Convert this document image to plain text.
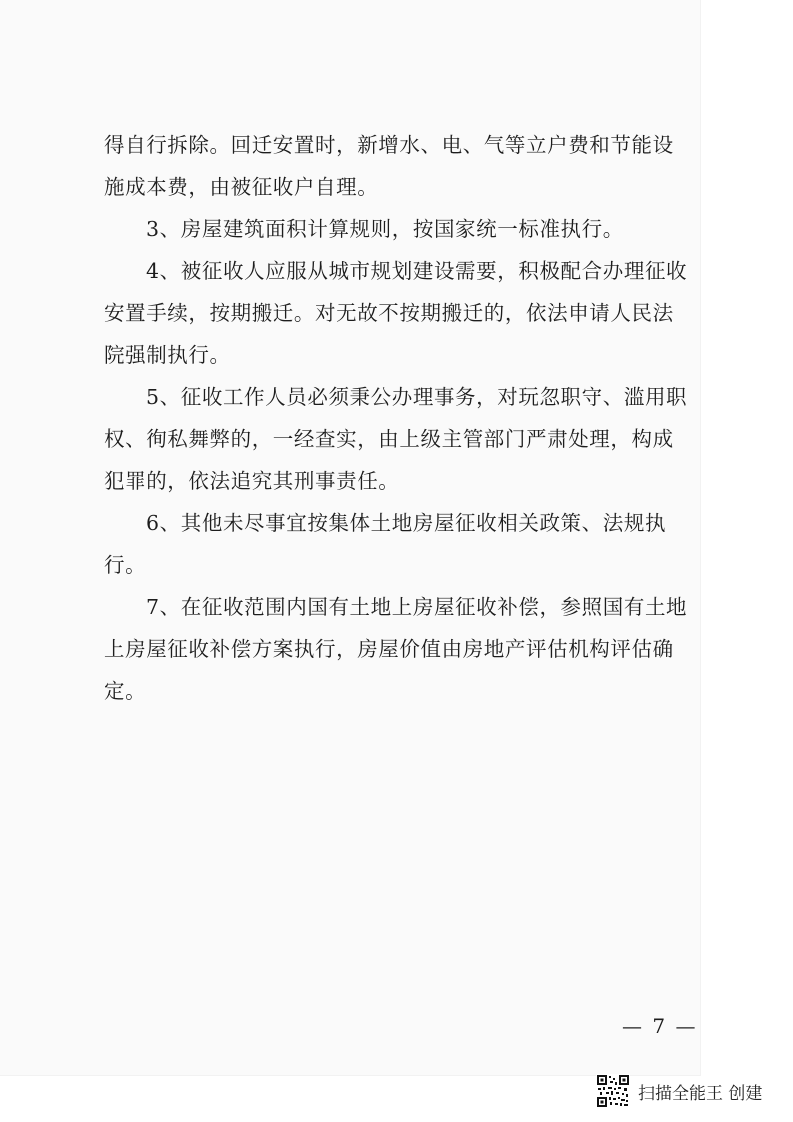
得自行拆除。回迁安置时，新增水、电、气等立户费和节能设施成本费，由被征收户自理。

3、房屋建筑面积计算规则，按国家统一标准执行。

4、被征收人应服从城市规划建设需要，积极配合办理征收安置手续，按期搬迁。对无故不按期搬迁的，依法申请人民法院强制执行。

5、征收工作人员必须秉公办理事务，对玩忽职守、滥用职权、徇私舞弊的，一经查实，由上级主管部门严肃处理，构成犯罪的，依法追究其刑事责任。

6、其他未尽事宜按集体土地房屋征收相关政策、法规执行。

7、在征收范围内国有土地上房屋征收补偿，参照国有土地上房屋征收补偿方案执行，房屋价值由房地产评估机构评估确定。

— 7 —
扫描全能王 创建
